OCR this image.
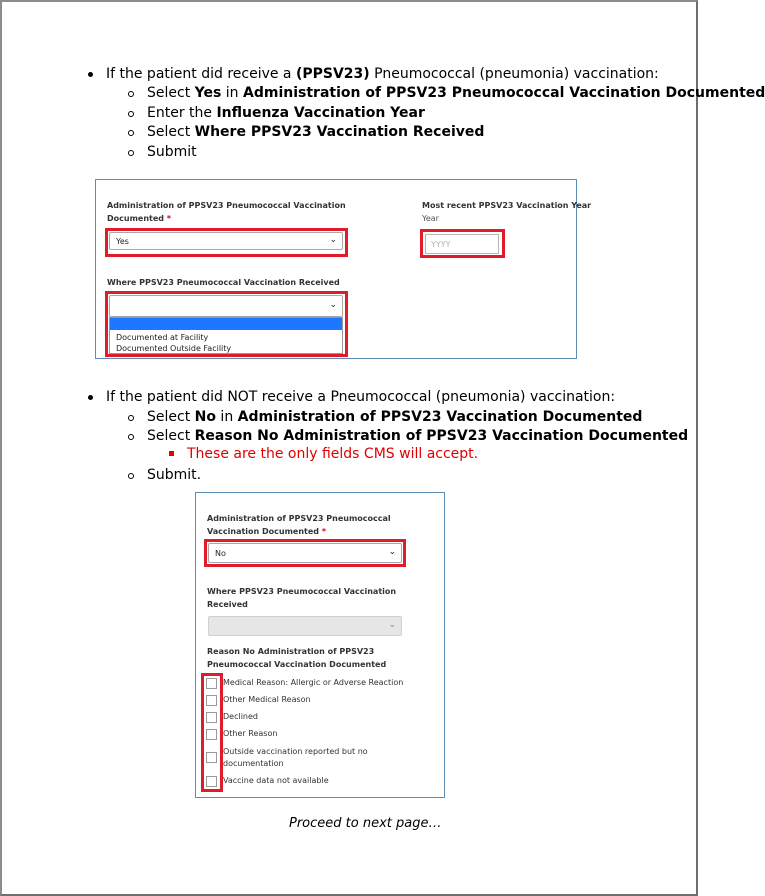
If the patient did receive a (PPSV23) Pneumococcal (pneumonia) vaccination:
Select Yes in Administration of PPSV23 Pneumococcal Vaccination Documented
Enter the Influenza Vaccination Year
Select Where PPSV23 Vaccination Received
Submit
Administration of PPSV23 Pneumococcal Vaccination
Documented *
Yes	⌄
Most recent PPSV23 Vaccination Year
Year
YYYY
Where PPSV23 Pneumococcal Vaccination Received
⌄
Documented at Facility
Documented Outside Facility
If the patient did NOT receive a Pneumococcal (pneumonia) vaccination:
Select No in Administration of PPSV23 Vaccination Documented
Select Reason No Administration of PPSV23 Vaccination Documented
These are the only fields CMS will accept.
Submit.
Administration of PPSV23 Pneumococcal
Vaccination Documented *
No	⌄
Where PPSV23 Pneumococcal Vaccination
Received
⌄
Reason No Administration of PPSV23
Pneumococcal Vaccination Documented
Medical Reason: Allergic or Adverse Reaction
Other Medical Reason
Declined
Other Reason
Outside vaccination reported but no documentation
Vaccine data not available
Proceed to next page…
